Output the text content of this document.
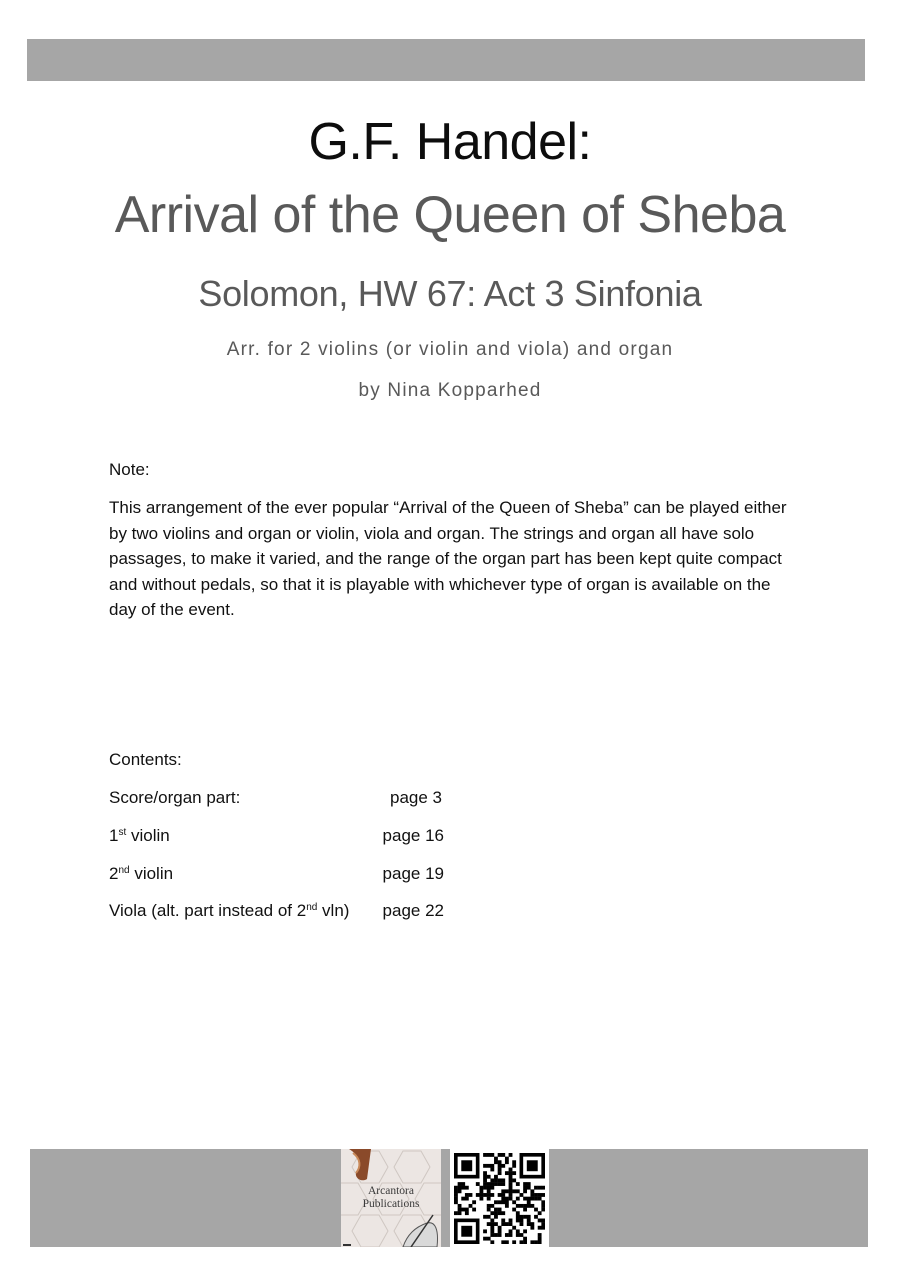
G.F. Handel:
Arrival of the Queen of Sheba
Solomon, HW 67: Act 3 Sinfonia
Arr. for 2 violins (or violin and viola) and organ
by Nina Kopparhed
Note:
This arrangement of the ever popular “Arrival of the Queen of Sheba” can be played either by two violins and organ or violin, viola and organ. The strings and organ all have solo passages, to make it varied, and the range of the organ part has been kept quite compact and without pedals, so that it is playable with whichever type of organ is available on the day of the event.
Contents:
Score/organ part:	page 3
1st violin	page 16
2nd violin	page 19
Viola (alt. part instead of 2nd vln) page 22
Arcantora
Publications
